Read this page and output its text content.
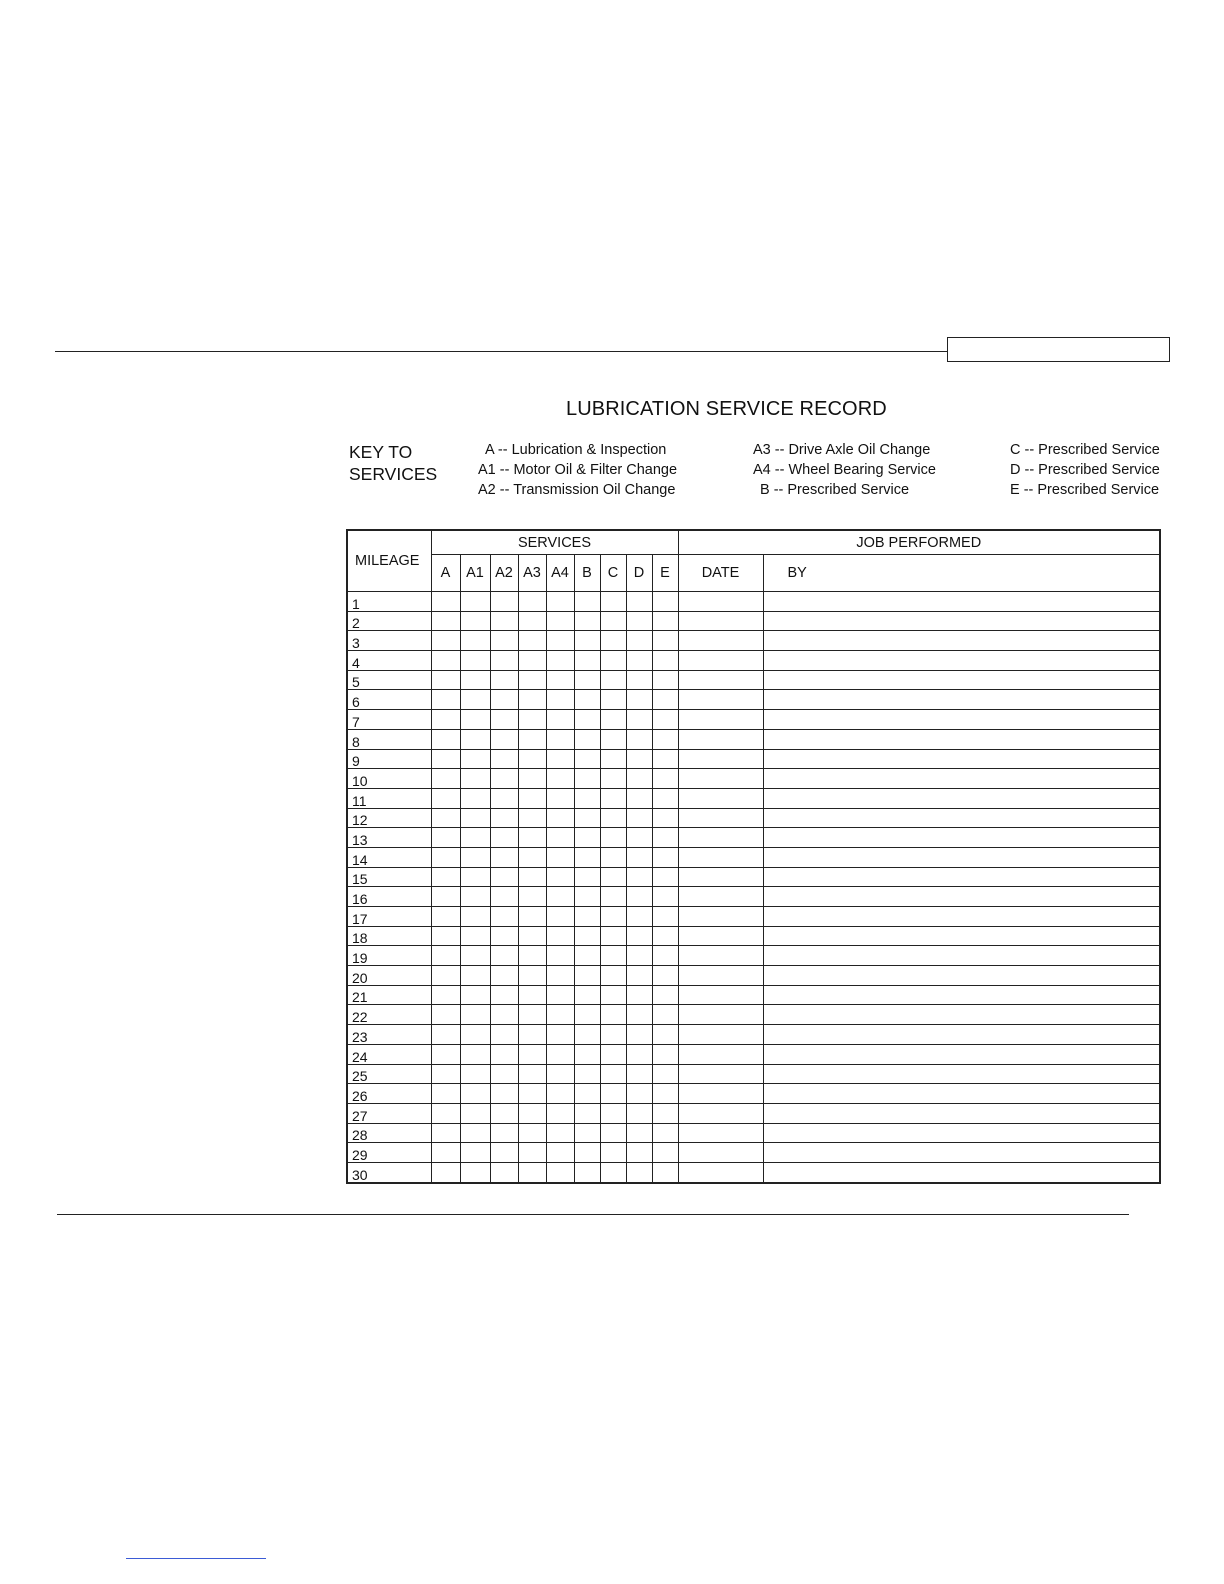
LUBRICATION SERVICE RECORD
KEY TO
SERVICES
A -- Lubrication & Inspection
A1 -- Motor Oil & Filter Change
A2 -- Transmission Oil Change
A3 -- Drive Axle Oil Change
A4 -- Wheel Bearing Service
B -- Prescribed Service
C -- Prescribed Service
D -- Prescribed Service
E -- Prescribed Service
MILEAGE	SERVICES									JOB PERFORMED	
	A	A1	A2	A3	A4	B	C	D	E	DATE	BY
1											
2											
3											
4											
5											
6											
7											
8											
9											
10											
11											
12											
13											
14											
15											
16											
17											
18											
19											
20											
21											
22											
23											
24											
25											
26											
27											
28											
29											
30											
